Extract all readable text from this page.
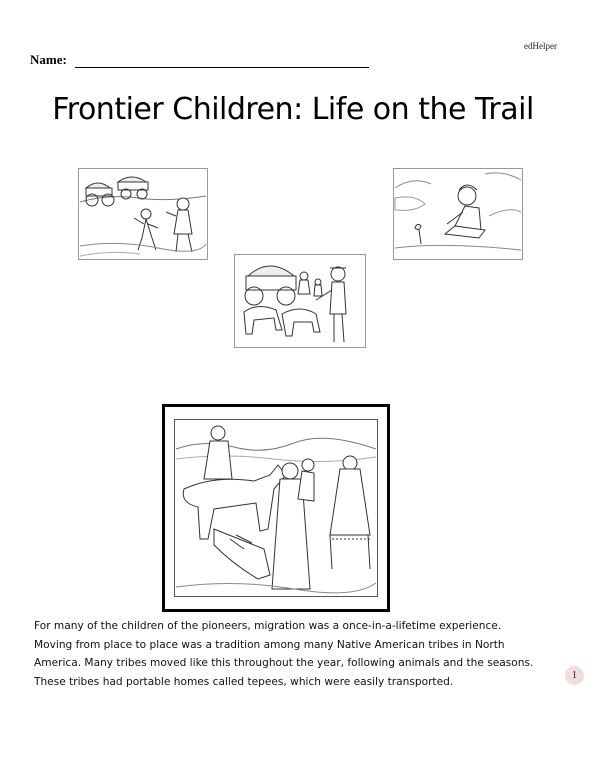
edHelper
Name:
Frontier Children: Life on the Trail
For many of the children of the pioneers, migration was a once-in-a-lifetime experience.
Moving from place to place was a tradition among many Native American tribes in North
America. Many tribes moved like this throughout the year, following animals and the seasons.
These tribes had portable homes called tepees, which were easily transported.	1
